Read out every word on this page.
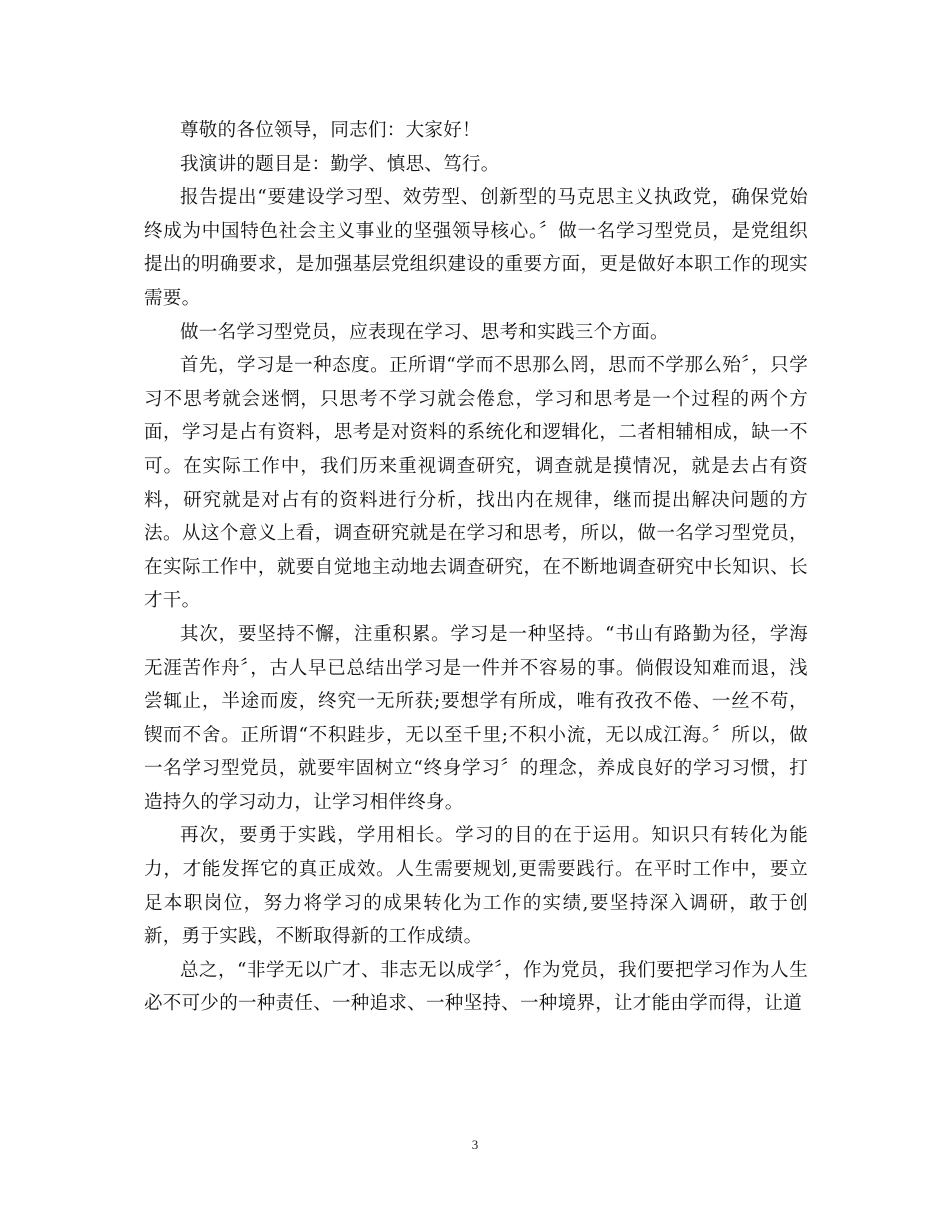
尊敬的各位领导，同志们：大家好！

我演讲的题目是：勤学、慎思、笃行。

报告提出“要建设学习型、效劳型、创新型的马克思主义执政党，确保党始终成为中国特色社会主义事业的坚强领导核心。〞做一名学习型党员，是党组织提出的明确要求，是加强基层党组织建设的重要方面，更是做好本职工作的现实需要。

做一名学习型党员，应表现在学习、思考和实践三个方面。

首先，学习是一种态度。正所谓“学而不思那么罔，思而不学那么殆〞，只学习不思考就会迷惘，只思考不学习就会倦怠，学习和思考是一个过程的两个方面，学习是占有资料，思考是对资料的系统化和逻辑化，二者相辅相成，缺一不可。在实际工作中，我们历来重视调查研究，调查就是摸情况，就是去占有资料，研究就是对占有的资料进行分析，找出内在规律，继而提出解决问题的方法。从这个意义上看，调查研究就是在学习和思考，所以，做一名学习型党员，在实际工作中，就要自觉地主动地去调查研究，在不断地调查研究中长知识、长才干。

其次，要坚持不懈，注重积累。学习是一种坚持。“书山有路勤为径，学海无涯苦作舟〞，古人早已总结出学习是一件并不容易的事。倘假设知难而退，浅尝辄止，半途而废，终究一无所获;要想学有所成，唯有孜孜不倦、一丝不苟，锲而不舍。正所谓“不积跬步，无以至千里;不积小流，无以成江海。〞所以，做一名学习型党员，就要牢固树立“终身学习〞的理念，养成良好的学习习惯，打造持久的学习动力，让学习相伴终身。

再次，要勇于实践，学用相长。学习的目的在于运用。知识只有转化为能力，才能发挥它的真正成效。人生需要规划,更需要践行。在平时工作中，要立足本职岗位，努力将学习的成果转化为工作的实绩,要坚持深入调研，敢于创新，勇于实践，不断取得新的工作成绩。

总之，“非学无以广才、非志无以成学〞，作为党员，我们要把学习作为人生必不可少的一种责任、一种追求、一种坚持、一种境界，让才能由学而得，让道

3
